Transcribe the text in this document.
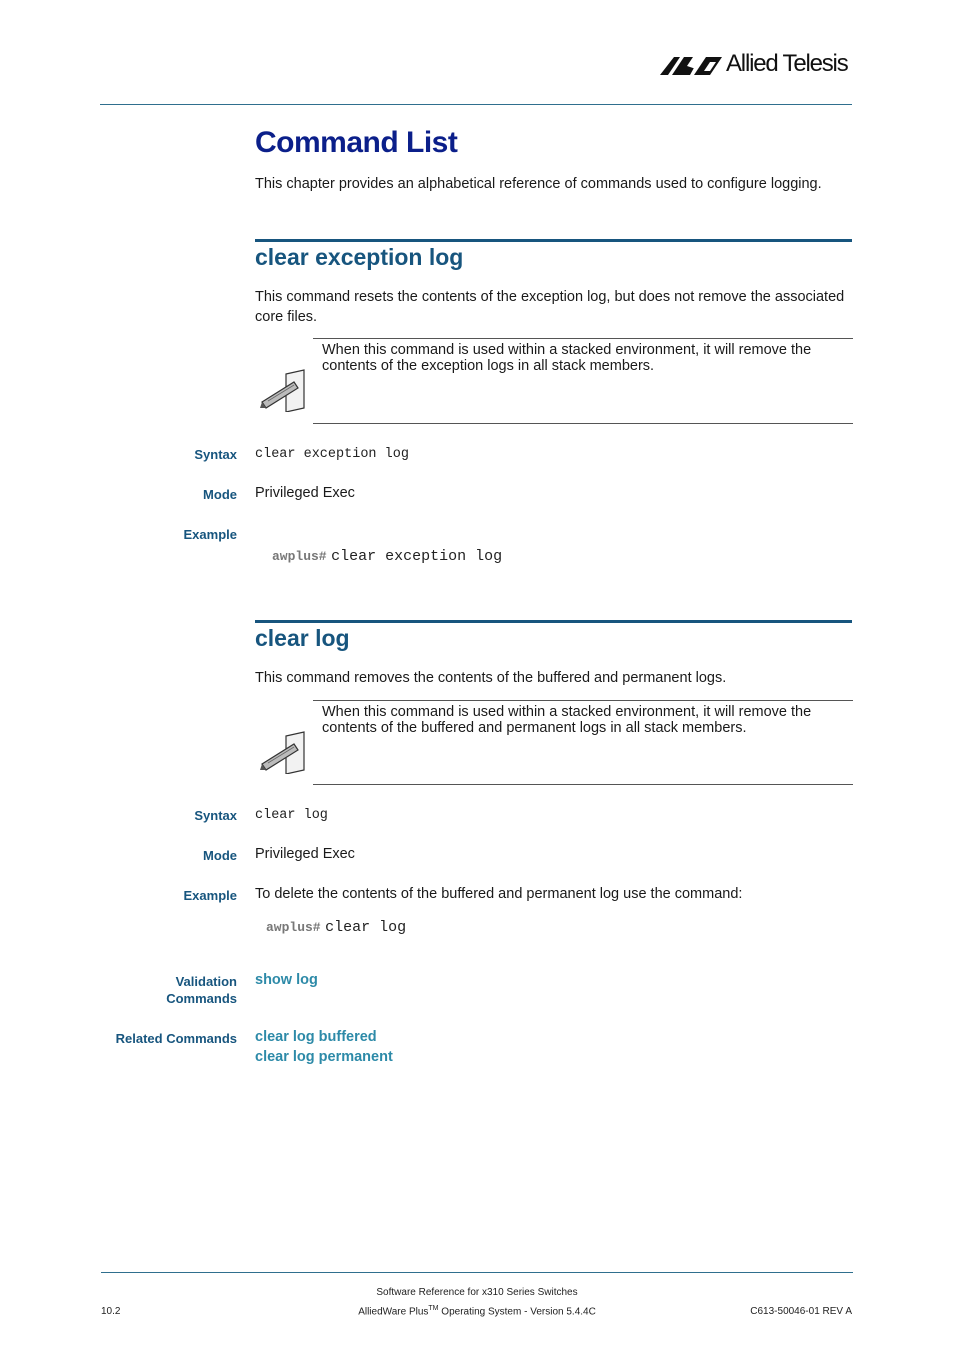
Allied Telesis
Command List
This chapter provides an alphabetical reference of commands used to configure logging.
clear exception log
This command resets the contents of the exception log, but does not remove the associated core files.
When this command is used within a stacked environment, it will remove the contents of the exception logs in all stack members.
Syntax clear exception log
Mode Privileged Exec
Example
awplus# clear exception log
clear log
This command removes the contents of the buffered and permanent logs.
When this command is used within a stacked environment, it will remove the contents of the buffered and permanent logs in all stack members.
Syntax clear log
Mode Privileged Exec
Example To delete the contents of the buffered and permanent log use the command:
awplus# clear log
Validation
Commands
show log
Related Commands clear log buffered
clear log permanent
Software Reference for x310 Series Switches
AlliedWare Plus™ Operating System - Version 5.4.4C
10.2	C613-50046-01 REV A
